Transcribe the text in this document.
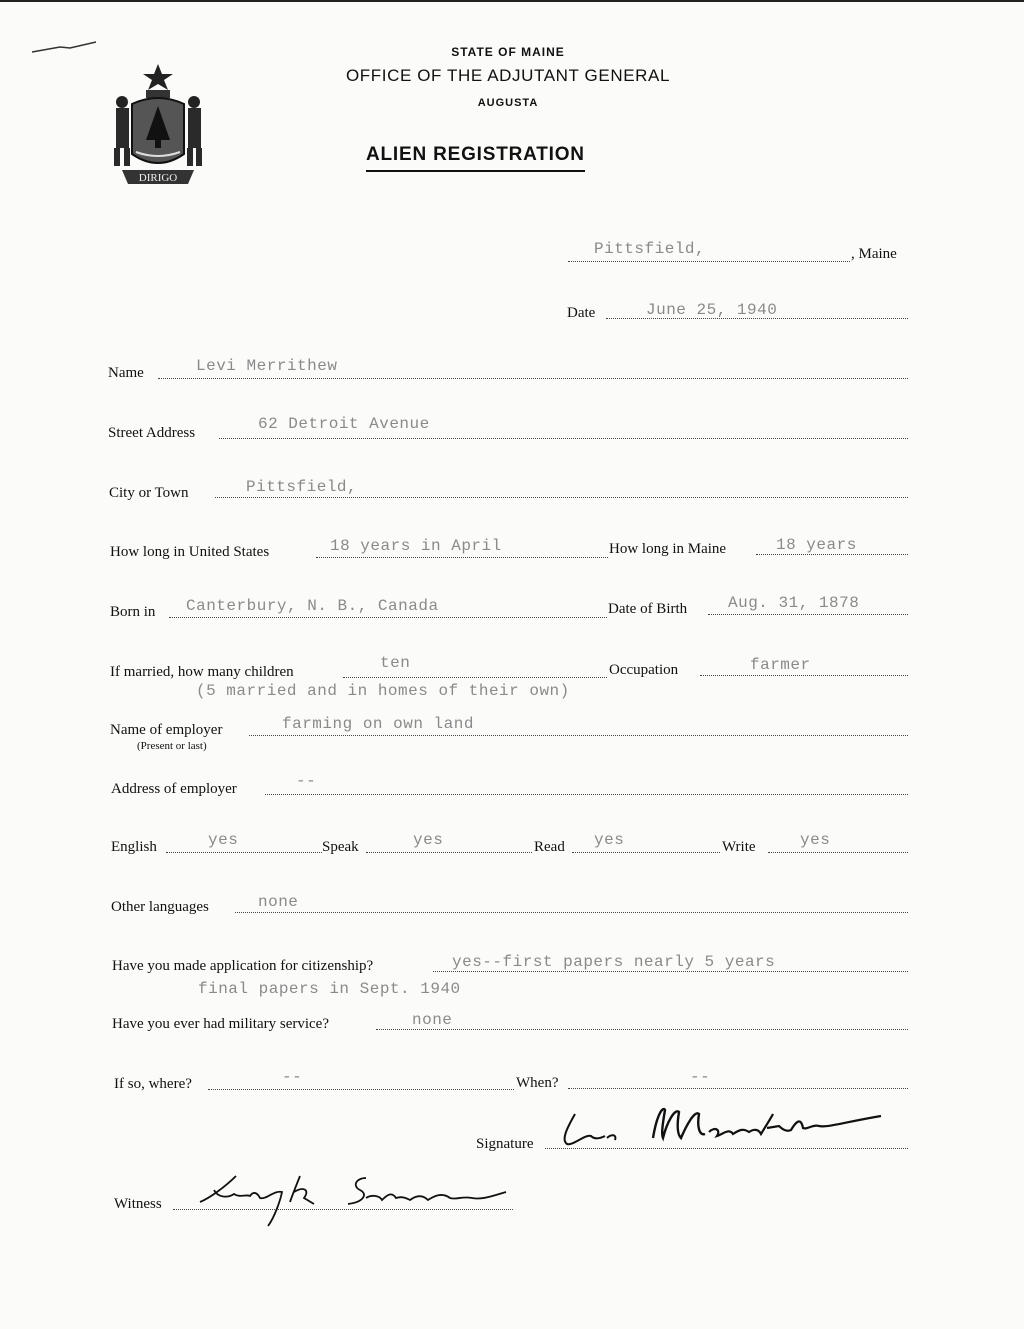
DIRIGO
STATE OF MAINE
OFFICE OF THE ADJUTANT GENERAL
AUGUSTA
ALIEN REGISTRATION
Pittsfield,	, Maine
Date	June 25, 1940
Name	Levi Merrithew
Street Address	62 Detroit Avenue
City or Town	Pittsfield,
How long in United States	18 years in April	How long in Maine	18 years
Born in Canterbury, N. B., Canada	Date of Birth	Aug. 31, 1878
If married, how many children	ten
(5 married and in homes of their own)
Occupation	farmer
Name of employer
(Present or last)
farming on own land
Address of employer	--
English	yes	Speak	yes	Read yes	Write	yes
Other languages	none
Have you made application for citizenship?	yes--first papers nearly 5 years
final papers in Sept. 1940
Have you ever had military service?	none
If so, where?	--	When?	--
Signature
Witness
